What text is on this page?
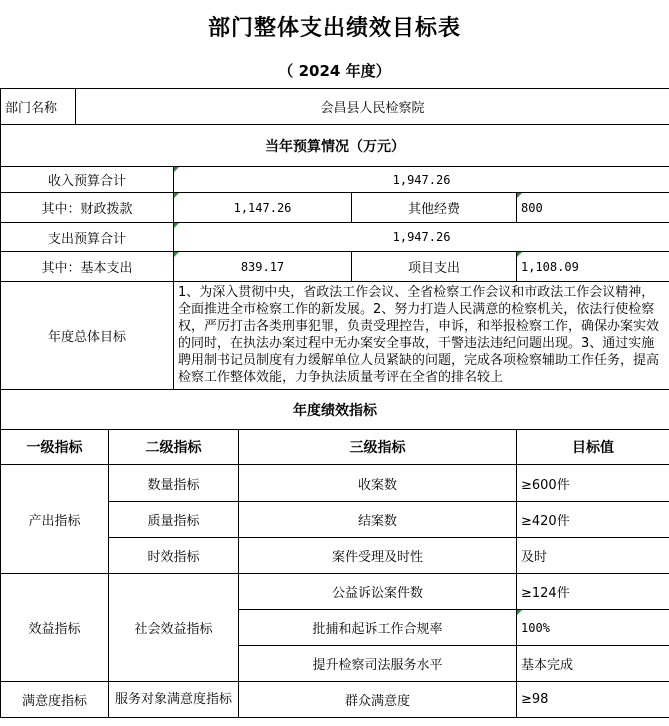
部门整体支出绩效目标表
（ 2024 年度）
部门名称	会昌县人民检察院					
当年预算情况（万元）						
收入预算合计			1,947.26			
其中：财政拨款			1,147.26		其他经费	800
支出预算合计			1,947.26			
其中：基本支出			839.17		项目支出	1,108.09
年度总体目标			1、为深入贯彻中央，省政法工作会议、全省检察工作会议和市政法工作会议精神，全面推进全市检察工作的新发展。2、努力打造人民满意的检察机关，依法行使检察权，严厉打击各类刑事犯罪，负责受理控告，申诉，和举报检察工作，确保办案实效的同时，在执法办案过程中无办案安全事故，干警违法违纪问题出现。3、通过实施聘用制书记员制度有力缓解单位人员紧缺的问题，完成各项检察辅助工作任务，提高检察工作整体效能，力争执法质量考评在全省的排名较上			

年度绩效指标						
一级指标		二级指标		三级指标		目标值
产出指标		数量指标		收案数		≥600件
		质量指标		结案数		≥420件
		时效指标		案件受理及时性		及时
效益指标		社会效益指标		公益诉讼案件数		≥124件
				批捕和起诉工作合规率		100%
				提升检察司法服务水平		基本完成
满意度指标		服务对象满意度指标		群众满意度		≥98
